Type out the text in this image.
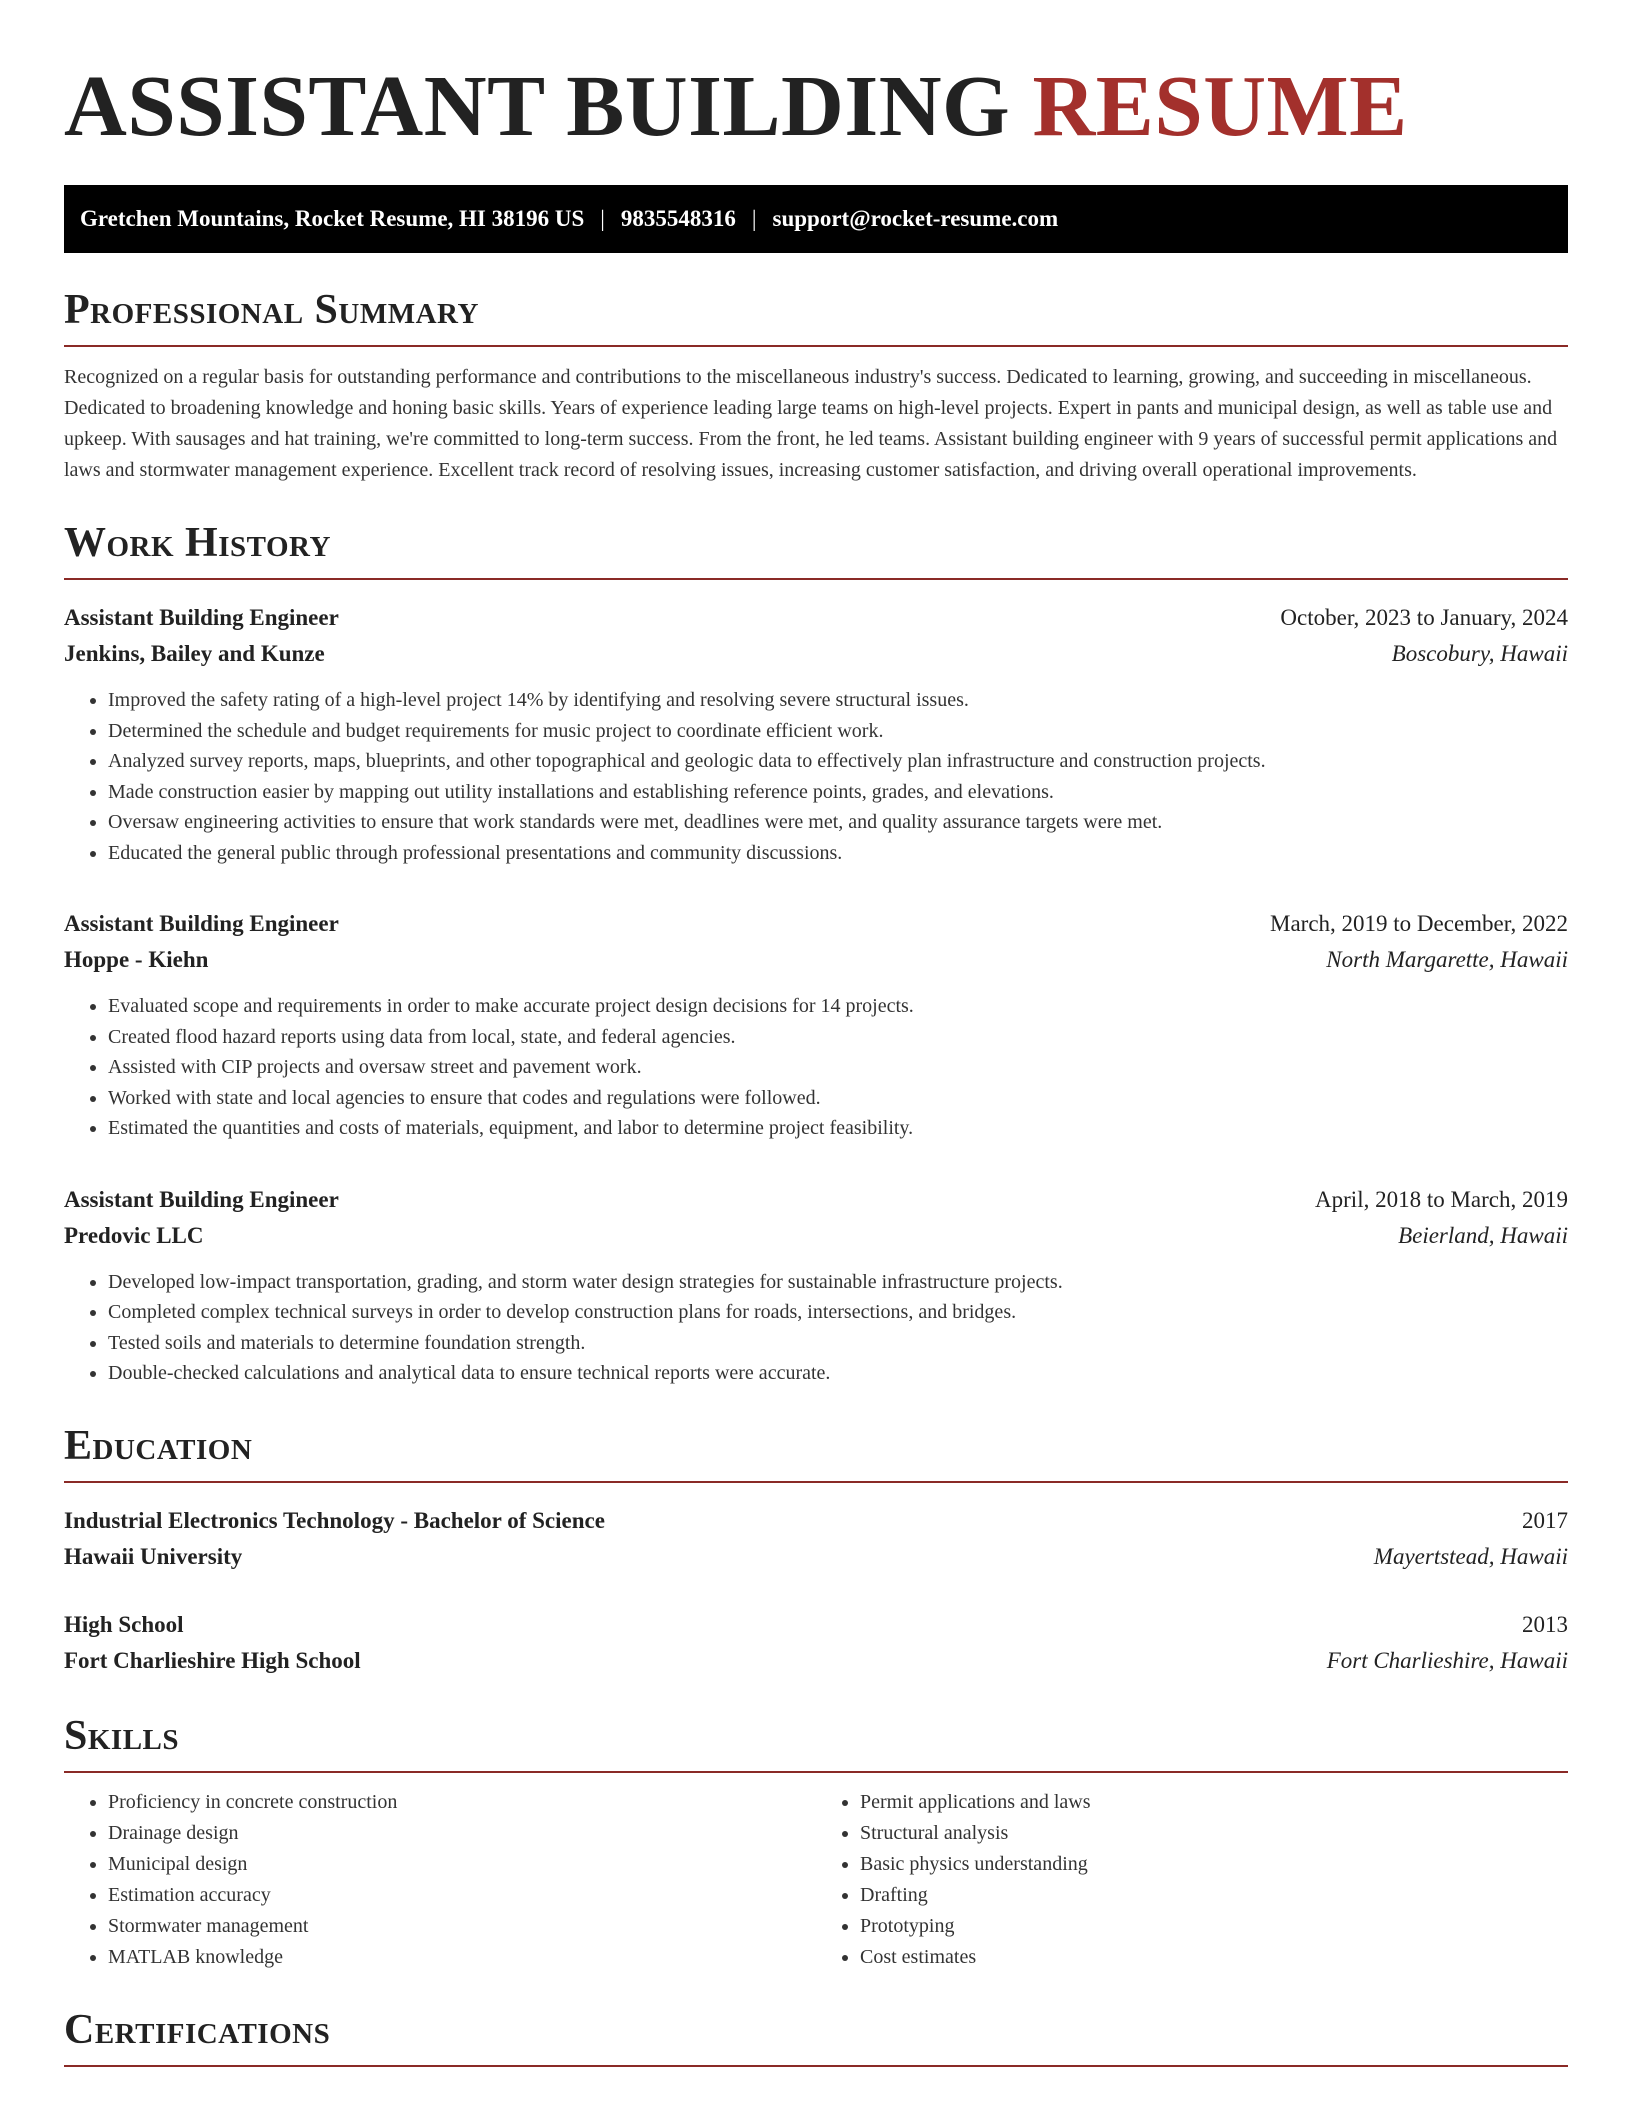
ASSISTANT BUILDING RESUME
Gretchen Mountains, Rocket Resume, HI 38196 US | 9835548316 | support@rocket-resume.com
Professional Summary
Recognized on a regular basis for outstanding performance and contributions to the miscellaneous industry's success. Dedicated to learning, growing, and succeeding in miscellaneous. Dedicated to broadening knowledge and honing basic skills. Years of experience leading large teams on high-level projects. Expert in pants and municipal design, as well as table use and upkeep. With sausages and hat training, we're committed to long-term success. From the front, he led teams. Assistant building engineer with 9 years of successful permit applications and laws and stormwater management experience. Excellent track record of resolving issues, increasing customer satisfaction, and driving overall operational improvements.
Work History
Assistant Building Engineer	October, 2023 to January, 2024
Jenkins, Bailey and Kunze	Boscobury, Hawaii
• Improved the safety rating of a high-level project 14% by identifying and resolving severe structural issues.
• Determined the schedule and budget requirements for music project to coordinate efficient work.
• Analyzed survey reports, maps, blueprints, and other topographical and geologic data to effectively plan infrastructure and construction projects.
• Made construction easier by mapping out utility installations and establishing reference points, grades, and elevations.
• Oversaw engineering activities to ensure that work standards were met, deadlines were met, and quality assurance targets were met.
• Educated the general public through professional presentations and community discussions.
Assistant Building Engineer	March, 2019 to December, 2022
Hoppe - Kiehn	North Margarette, Hawaii
• Evaluated scope and requirements in order to make accurate project design decisions for 14 projects.
• Created flood hazard reports using data from local, state, and federal agencies.
• Assisted with CIP projects and oversaw street and pavement work.
• Worked with state and local agencies to ensure that codes and regulations were followed.
• Estimated the quantities and costs of materials, equipment, and labor to determine project feasibility.
Assistant Building Engineer	April, 2018 to March, 2019
Predovic LLC	Beierland, Hawaii
• Developed low-impact transportation, grading, and storm water design strategies for sustainable infrastructure projects.
• Completed complex technical surveys in order to develop construction plans for roads, intersections, and bridges.
• Tested soils and materials to determine foundation strength.
• Double-checked calculations and analytical data to ensure technical reports were accurate.
Education
Industrial Electronics Technology - Bachelor of Science	2017
Hawaii University	Mayertstead, Hawaii
High School	2013
Fort Charlieshire High School	Fort Charlieshire, Hawaii
Skills
• Proficiency in concrete construction
• Drainage design
• Municipal design
• Estimation accuracy
• Stormwater management
• MATLAB knowledge
• Permit applications and laws
• Structural analysis
• Basic physics understanding
• Drafting
• Prototyping
• Cost estimates
Certifications
